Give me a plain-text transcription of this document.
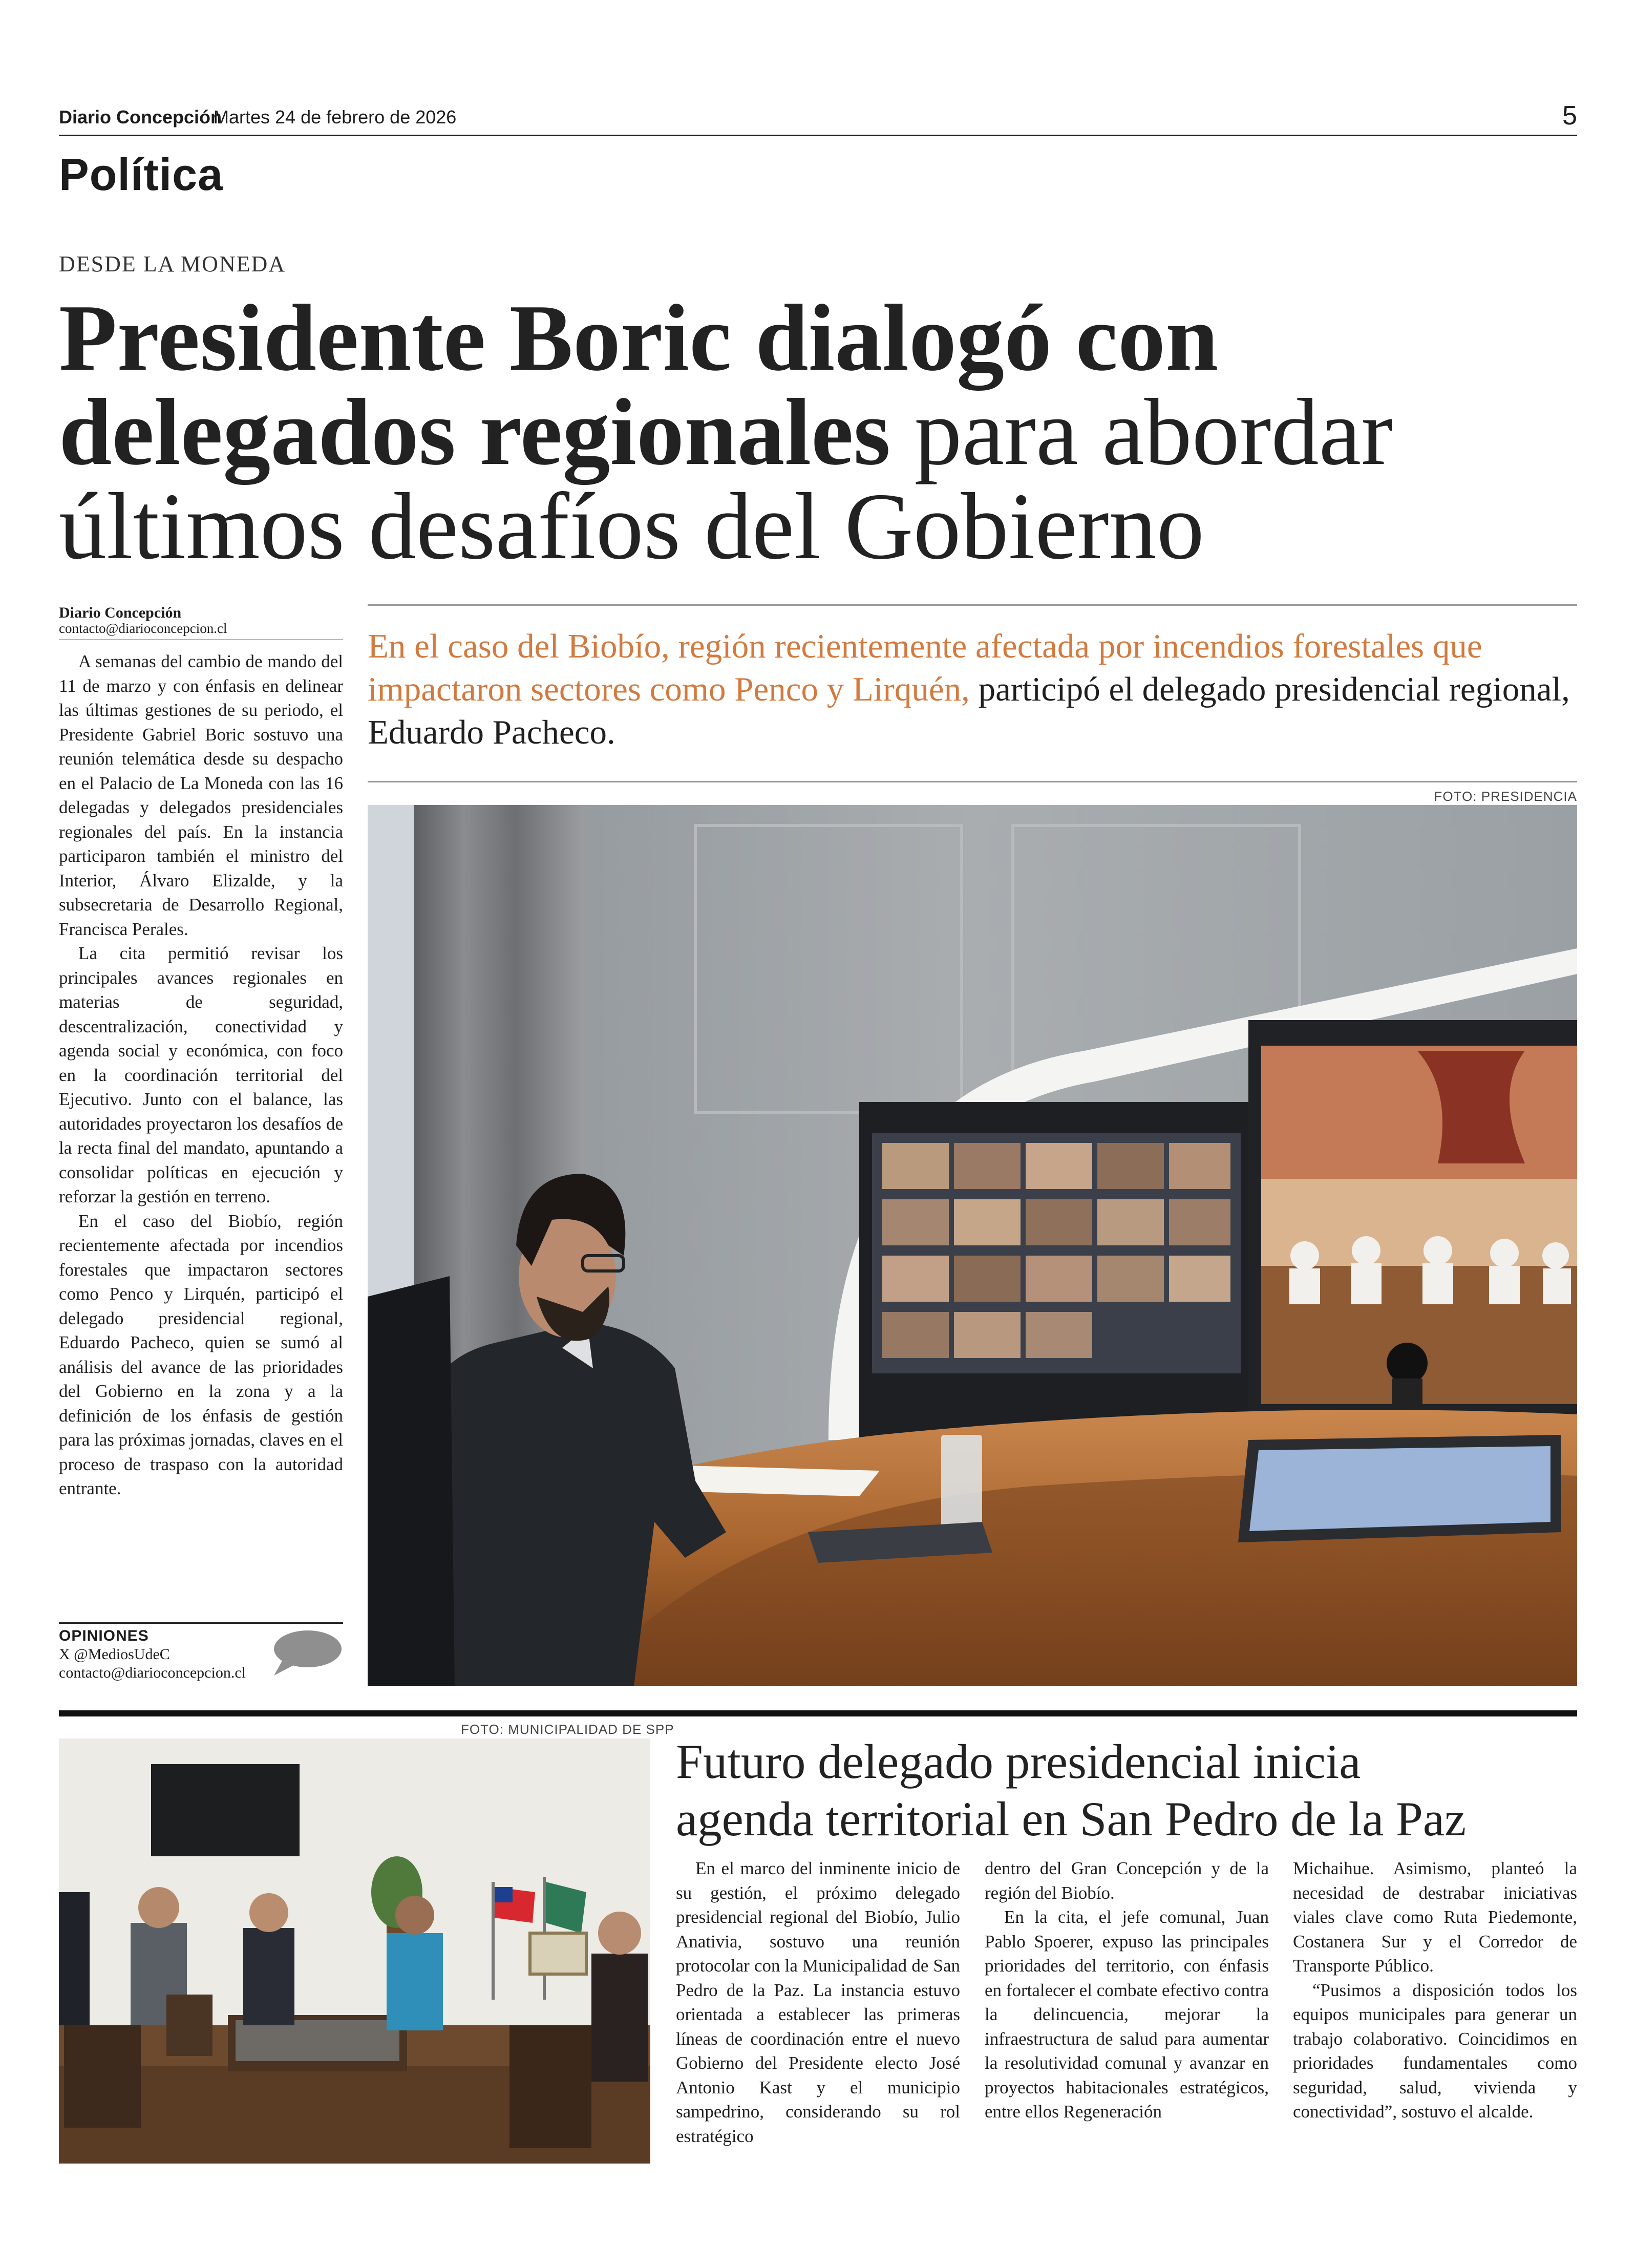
Diario Concepción
Martes 24 de febrero de 2026	5
Política
DESDE LA MONEDA
Presidente Boric dialogó con
delegados regionales para abordar
últimos desafíos del Gobierno
Diario Concepción
contacto@diarioconcepcion.cl	En el caso del Biobío, región recientemente afectada por incendios forestales que impactaron sectores como Penco y Lirquén, participó el delegado presidencial regional, Eduardo Pacheco.
FOTO: PRESIDENCIA

A semanas del cambio de mando del 11 de marzo y con énfasis en delinear las últimas gestiones de su periodo, el Presidente Gabriel Boric sostuvo una reunión telemática desde su despacho en el Palacio de La Moneda con las 16 delegadas y delegados presidenciales regionales del país. En la instancia participaron también el ministro del Interior, Álvaro Elizalde, y la subsecretaria de Desarrollo Regional, Francisca Perales.

La cita permitió revisar los principales avances regionales en materias de seguridad, descentralización, conectividad y agenda social y económica, con foco en la coordinación territorial del Ejecutivo. Junto con el balance, las autoridades proyectaron los desafíos de la recta final del mandato, apuntando a consolidar políticas en ejecución y reforzar la gestión en terreno.

En el caso del Biobío, región recientemente afectada por incendios forestales que impactaron sectores como Penco y Lirquén, participó el delegado presidencial regional, Eduardo Pacheco, quien se sumó al análisis del avance de las prioridades del Gobierno en la zona y a la definición de los énfasis de gestión para las próximas jornadas, claves en el proceso de traspaso con la autoridad entrante.

OPINIONES
X @MediosUdeC
contacto@diarioconcepcion.cl
FOTO: MUNICIPALIDAD DE SPP
Futuro delegado presidencial inicia
agenda territorial en San Pedro de la Paz

En el marco del inminente inicio de su gestión, el próximo delegado presidencial regional del Biobío, Julio Anativia, sostuvo una reunión protocolar con la Municipalidad de San Pedro de la Paz. La instancia estuvo orientada a establecer las primeras líneas de coordinación entre el nuevo Gobierno del Presidente electo José Antonio Kast y el municipio sampedrino, considerando su rol estratégico

dentro del Gran Concepción y de la región del Biobío.

En la cita, el jefe comunal, Juan Pablo Spoerer, expuso las principales prioridades del territorio, con énfasis en fortalecer el combate efectivo contra la delincuencia, mejorar la infraestructura de salud para aumentar la resolutividad comunal y avanzar en proyectos habitacionales estratégicos, entre ellos Regeneración

Michaihue. Asimismo, planteó la necesidad de destrabar iniciativas viales clave como Ruta Piedemonte, Costanera Sur y el Corredor de Transporte Público.

“Pusimos a disposición todos los equipos municipales para generar un trabajo colaborativo. Coincidimos en prioridades fundamentales como seguridad, salud, vivienda y conectividad”, sostuvo el alcalde.
